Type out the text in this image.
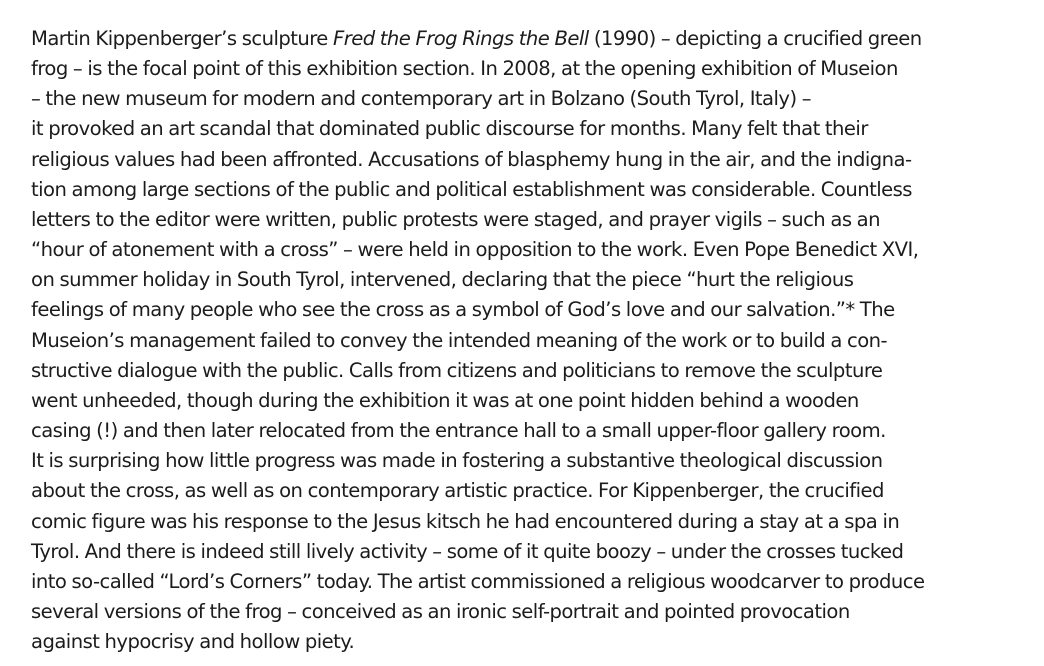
Martin Kippenberger’s sculpture Fred the Frog Rings the Bell (1990) – depicting a crucified green
frog – is the focal point of this exhibition section. In 2008, at the opening exhibition of Museion
– the new museum for modern and contemporary art in Bolzano (South Tyrol, Italy) –
it provoked an art scandal that dominated public discourse for months. Many felt that their
religious values had been affronted. Accusations of blasphemy hung in the air, and the indigna-
tion among large sections of the public and political establishment was considerable. Countless
letters to the editor were written, public protests were staged, and prayer vigils – such as an
“hour of atonement with a cross” – were held in opposition to the work. Even Pope Benedict XVI,
on summer holiday in South Tyrol, intervened, declaring that the piece “hurt the religious
feelings of many people who see the cross as a symbol of God’s love and our salvation.”* The
Museion’s management failed to convey the intended meaning of the work or to build a con-
structive dialogue with the public. Calls from citizens and politicians to remove the sculpture
went unheeded, though during the exhibition it was at one point hidden behind a wooden
casing (!) and then later relocated from the entrance hall to a small upper-floor gallery room.
It is surprising how little progress was made in fostering a substantive theological discussion
about the cross, as well as on contemporary artistic practice. For Kippenberger, the crucified
comic figure was his response to the Jesus kitsch he had encountered during a stay at a spa in
Tyrol. And there is indeed still lively activity – some of it quite boozy – under the crosses tucked
into so-called “Lord’s Corners” today. The artist commissioned a religious woodcarver to produce
several versions of the frog – conceived as an ironic self-portrait and pointed provocation
against hypocrisy and hollow piety.
